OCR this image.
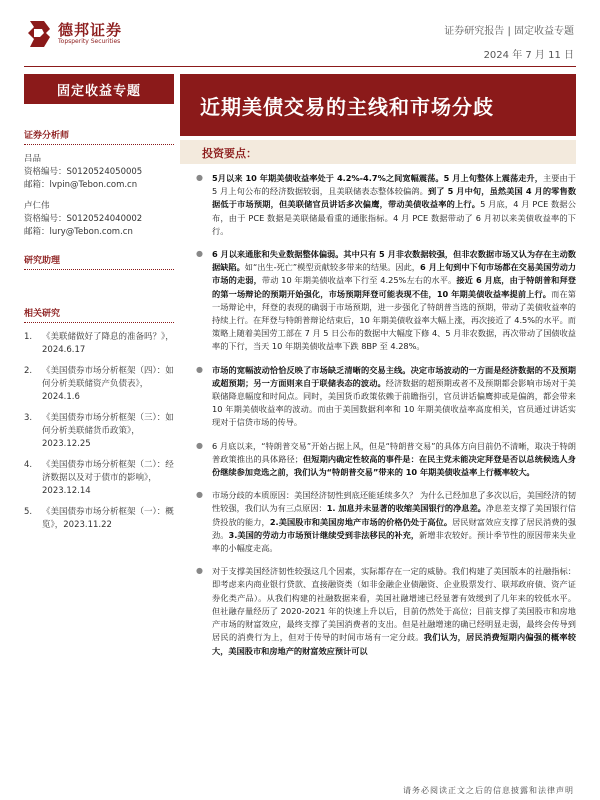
德邦证券
Topsperity Securities
证券研究报告 | 固定收益专题
2024 年 7 月 11 日
固定收益专题
近期美债交易的主线和市场分歧
证券分析师
吕品
资格编号：S0120524050005
邮箱：lvpin@Tebon.com.cn
卢仁伟
资格编号：S0120524040002
邮箱：lury@Tebon.com.cn
研究助理
相关研究
1.	《美联储做好了降息的准备吗？》，2024.6.17
2.	《美国债券市场分析框架（四）：如何分析美联储资产负债表》，2024.1.6
3.	《美国债券市场分析框架（三）：如何分析美联储货币政策》，2023.12.25
4.	《美国债券市场分析框架（二）：经济数据以及对于债市的影响》，2023.12.14
5.	《美国债券市场分析框架（一）：概览》，2023.11.22
投资要点：
●	5月以来 10 年期美债收益率处于 4.2%-4.7%之间宽幅震荡。5 月上旬整体上震荡走升，主要由于 5 月上旬公布的经济数据较弱，且美联储表态整体较偏鸽。到了 5 月中旬，虽然美国 4 月的零售数据低于市场预期，但美联储官员讲话多次偏鹰，带动美债收益率的上行。5 月底，4 月 PCE 数据公布，由于 PCE 数据是美联储最看重的通胀指标。4 月 PCE 数据带动了 6 月初以来美债收益率的下行。
●	6 月以来通胀和失业数据整体偏弱。其中只有 5 月非农数据较强，但非农数据市场又认为存在主动数据缺陷。如“出生-死亡”模型贡献较多带来的结果。因此，6 月上旬到中下旬市场都在交易美国劳动力市场的走弱，带动 10 年期美债收益率下行至 4.25%左右的水平。接近 6 月底，由于特朗普和拜登的第一场辩论的预期开始强化，市场预期拜登可能表现不佳，10 年期美债收益率提前上行。而在第一场辩论中，拜登的表现的确弱于市场预期，进一步强化了特朗普当选的预期，带动了美债收益率的持续上行。在拜登与特朗普辩论结束后，10 年期美债收益率大幅上涨，再次接近了 4.5%的水平。而策略上随着美国劳工部在 7 月 5 日公布的数据中大幅度下修 4、5 月非农数据，再次带动了国债收益率的下行，当天 10 年期美债收益率下跌 8BP 至 4.28%。
●	市场的宽幅波动恰恰反映了市场缺乏清晰的交易主线。决定市场波动的一方面是经济数据的不及预期或超预期；另一方面则来自于联储表态的波动。经济数据的超预期或者不及预期都会影响市场对于美联储降息幅度和时间点。同时，美国货币政策依赖于前瞻指引，官员讲话偏鹰抑或是偏鸽，都会带来 10 年期美债收益率的波动。而由于美国数据利率和 10 年期美债收益率高度相关，官员通过讲话实现对于信贷市场的传导。
●	6 月底以来，“特朗普交易”开始占据上风，但是“特朗普交易”的具体方向目前仍不清晰，取决于特朗普政策推出的具体路径；但短期内确定性较高的事件是：在民主党未能决定拜登是否以总统候选人身份继续参加竞选之前，我们认为“特朗普交易”带来的 10 年期美债收益率上行概率较大。
●	市场分歧的本质原因：美国经济韧性到底还能延续多久？ 为什么已经加息了多次以后，美国经济的韧性较强，我们认为有三点原因：1. 加息并未显著的收缩美国银行的净息差。净息差支撑了美国银行信贷投放的能力，2.美国股市和美国房地产市场的价格仍处于高位。居民财富效应支撑了居民消费的强劲。3.美国的劳动力市场预计继续受到非法移民的补充，新增非农较好。预计季节性的原因带来失业率的小幅度走高。
●	对于支撑美国经济韧性较强这几个因素，实际都存在一定的威胁。我们构建了美国版本的社融指标：即考虑来内商业银行贷款、直接融资类（如非金融企业债融资、企业股票发行、联邦政府债、资产证券化类产品）。从我们构建的社融数据来看，美国社融增速已经显著有效缓到了几年来的较低水平。但社融存量经历了 2020-2021 年的快速上升以后，目前仍然处于高位；目前支撑了美国股市和房地产市场的财富效应，最终支撑了美国消费者的支出。但是社融增速的确已经明显走弱，最终会传导到居民的消费行为上，但对于传导的时间市场有一定分歧。我们认为，居民消费短期内偏强的概率较大，美国股市和房地产的财富效应预计可以
请务必阅读正文之后的信息披露和法律声明
